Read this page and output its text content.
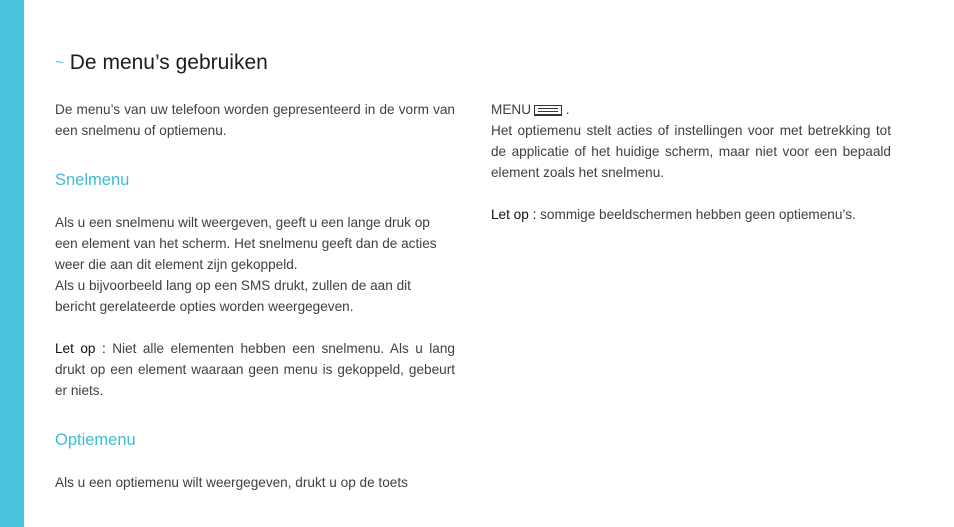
~ De menu’s gebruiken

De menu’s van uw telefoon worden gepresenteerd in de vorm van een snelmenu of optiemenu.

Snelmenu

Als u een snelmenu wilt weergeven, geeft u een lange druk op een element van het scherm. Het snelmenu geeft dan de acties weer die aan dit element zijn gekoppeld.

Als u bijvoorbeeld lang op een SMS drukt, zullen de aan dit bericht gerelateerde opties worden weergegeven.

Let op : Niet alle elementen hebben een snelmenu. Als u lang drukt op een element waaraan geen menu is gekoppeld, gebeurt er niets.

Optiemenu

Als u een optiemenu wilt weergegeven, drukt u op de toets

MENU .

Het optiemenu stelt acties of instellingen voor met betrekking tot de applicatie of het huidige scherm, maar niet voor een bepaald element zoals het snelmenu.

Let op : sommige beeldschermen hebben geen optiemenu’s.
